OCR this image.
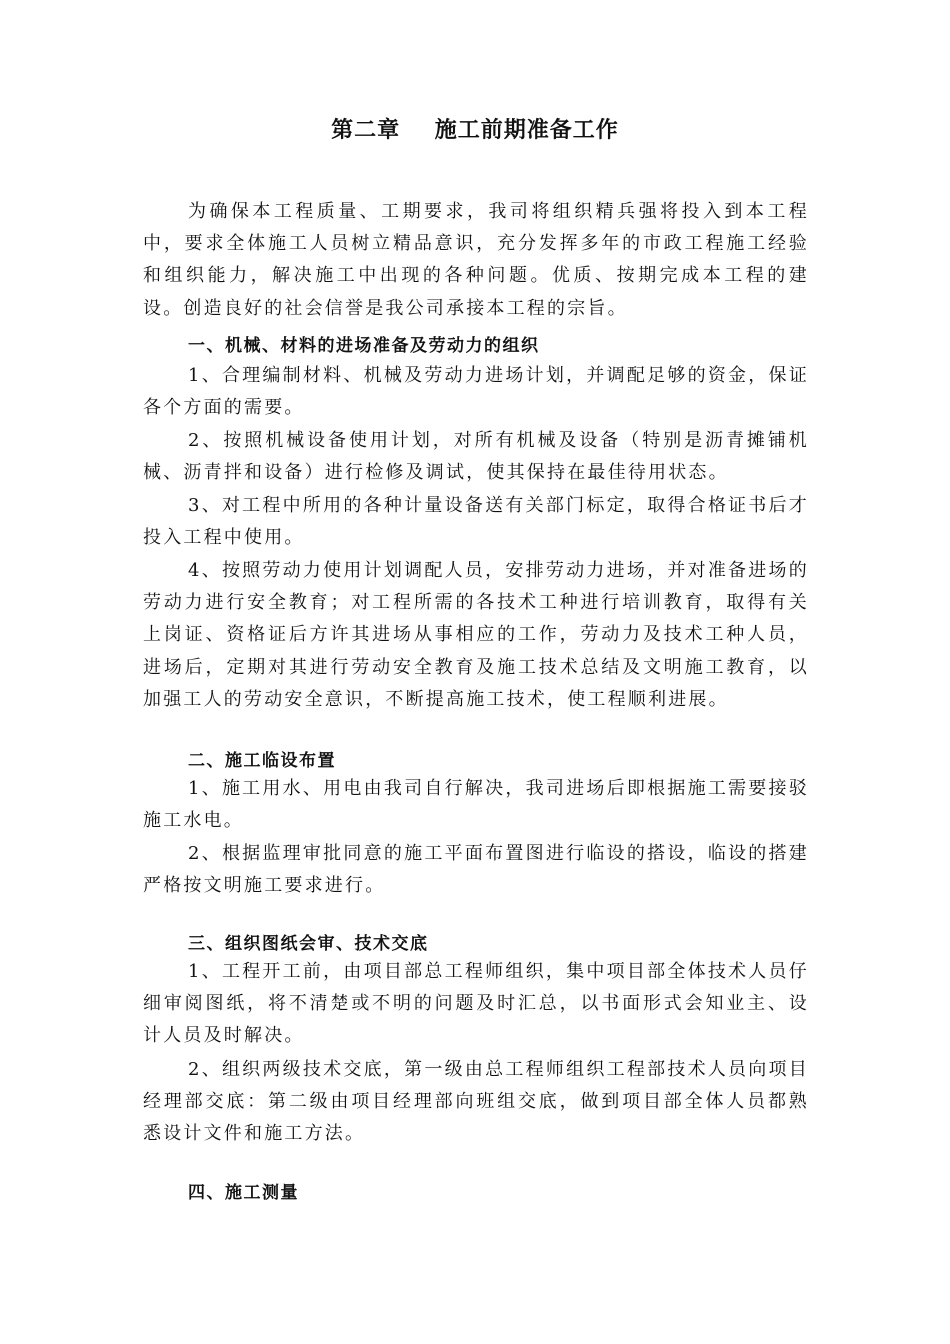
第二章    施工前期准备工作

为确保本工程质量、工期要求，我司将组织精兵强将投入到本工程中，要求全体施工人员树立精品意识，充分发挥多年的市政工程施工经验和组织能力，解决施工中出现的各种问题。优质、按期完成本工程的建设。创造良好的社会信誉是我公司承接本工程的宗旨。

一、机械、材料的进场准备及劳动力的组织

1、合理编制材料、机械及劳动力进场计划，并调配足够的资金，保证各个方面的需要。

2、按照机械设备使用计划，对所有机械及设备（特别是沥青摊铺机械、沥青拌和设备）进行检修及调试，使其保持在最佳待用状态。

3、对工程中所用的各种计量设备送有关部门标定，取得合格证书后才投入工程中使用。

4、按照劳动力使用计划调配人员，安排劳动力进场，并对准备进场的劳动力进行安全教育；对工程所需的各技术工种进行培训教育，取得有关上岗证、资格证后方许其进场从事相应的工作，劳动力及技术工种人员，进场后，定期对其进行劳动安全教育及施工技术总结及文明施工教育，以加强工人的劳动安全意识，不断提高施工技术，使工程顺利进展。

二、施工临设布置

1、施工用水、用电由我司自行解决，我司进场后即根据施工需要接驳施工水电。

2、根据监理审批同意的施工平面布置图进行临设的搭设，临设的搭建严格按文明施工要求进行。

三、组织图纸会审、技术交底

1、工程开工前，由项目部总工程师组织，集中项目部全体技术人员仔细审阅图纸，将不清楚或不明的问题及时汇总，以书面形式会知业主、设计人员及时解决。

2、组织两级技术交底，第一级由总工程师组织工程部技术人员向项目经理部交底：第二级由项目经理部向班组交底，做到项目部全体人员都熟悉设计文件和施工方法。

四、施工测量
